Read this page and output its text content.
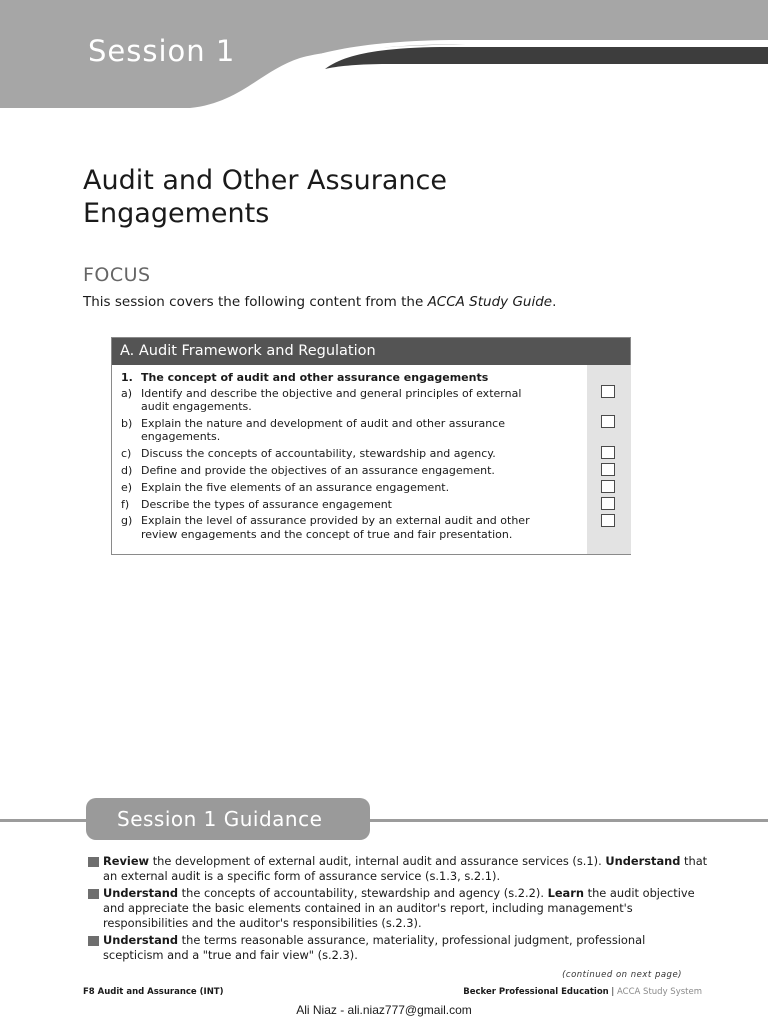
Session 1
Audit and Other Assurance
Engagements
FOCUS

This session covers the following content from the ACCA Study Guide.

A. Audit Framework and Regulation
1. The concept of audit and other assurance engagements
a) Identify and describe the objective and general principles of external
audit engagements.
b) Explain the nature and development of audit and other assurance
engagements.
c) Discuss the concepts of accountability, stewardship and agency.
d) Define and provide the objectives of an assurance engagement.
e) Explain the five elements of an assurance engagement.
f) Describe the types of assurance engagement
g) Explain the level of assurance provided by an external audit and other
review engagements and the concept of true and fair presentation.
Session 1 Guidance
Review the development of external audit, internal audit and assurance services (s.1). Understand that an external audit is a specific form of assurance service (s.1.3, s.2.1).
Understand the concepts of accountability, stewardship and agency (s.2.2). Learn the audit objective and appreciate the basic elements contained in an auditor's report, including management's responsibilities and the auditor's responsibilities (s.2.3).
Understand the terms reasonable assurance, materiality, professional judgment, professional scepticism and a "true and fair view" (s.2.3).
(continued on next page)
F8 Audit and Assurance (INT)	Becker Professional Education | ACCA Study System
Ali Niaz - ali.niaz777@gmail.com
